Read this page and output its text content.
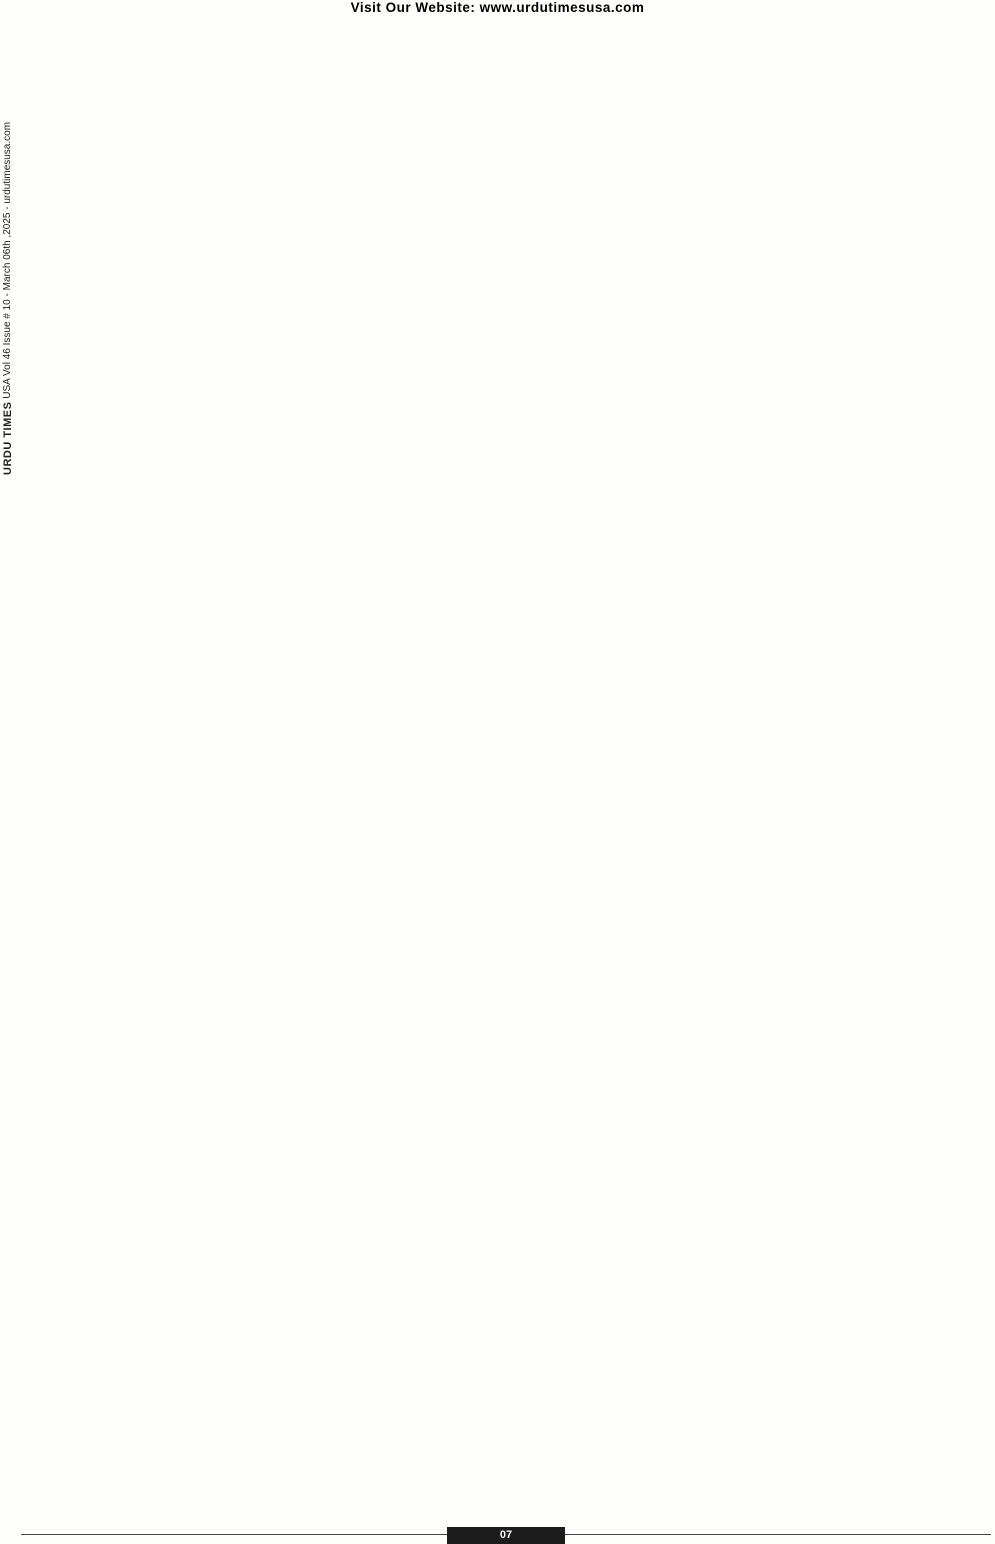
Visit Our Website: www.urdutimesusa.com
URDU TIMES USA Vol 46 Issue # 10 - March 06th ,2025 - urdutimesusa.com
07
